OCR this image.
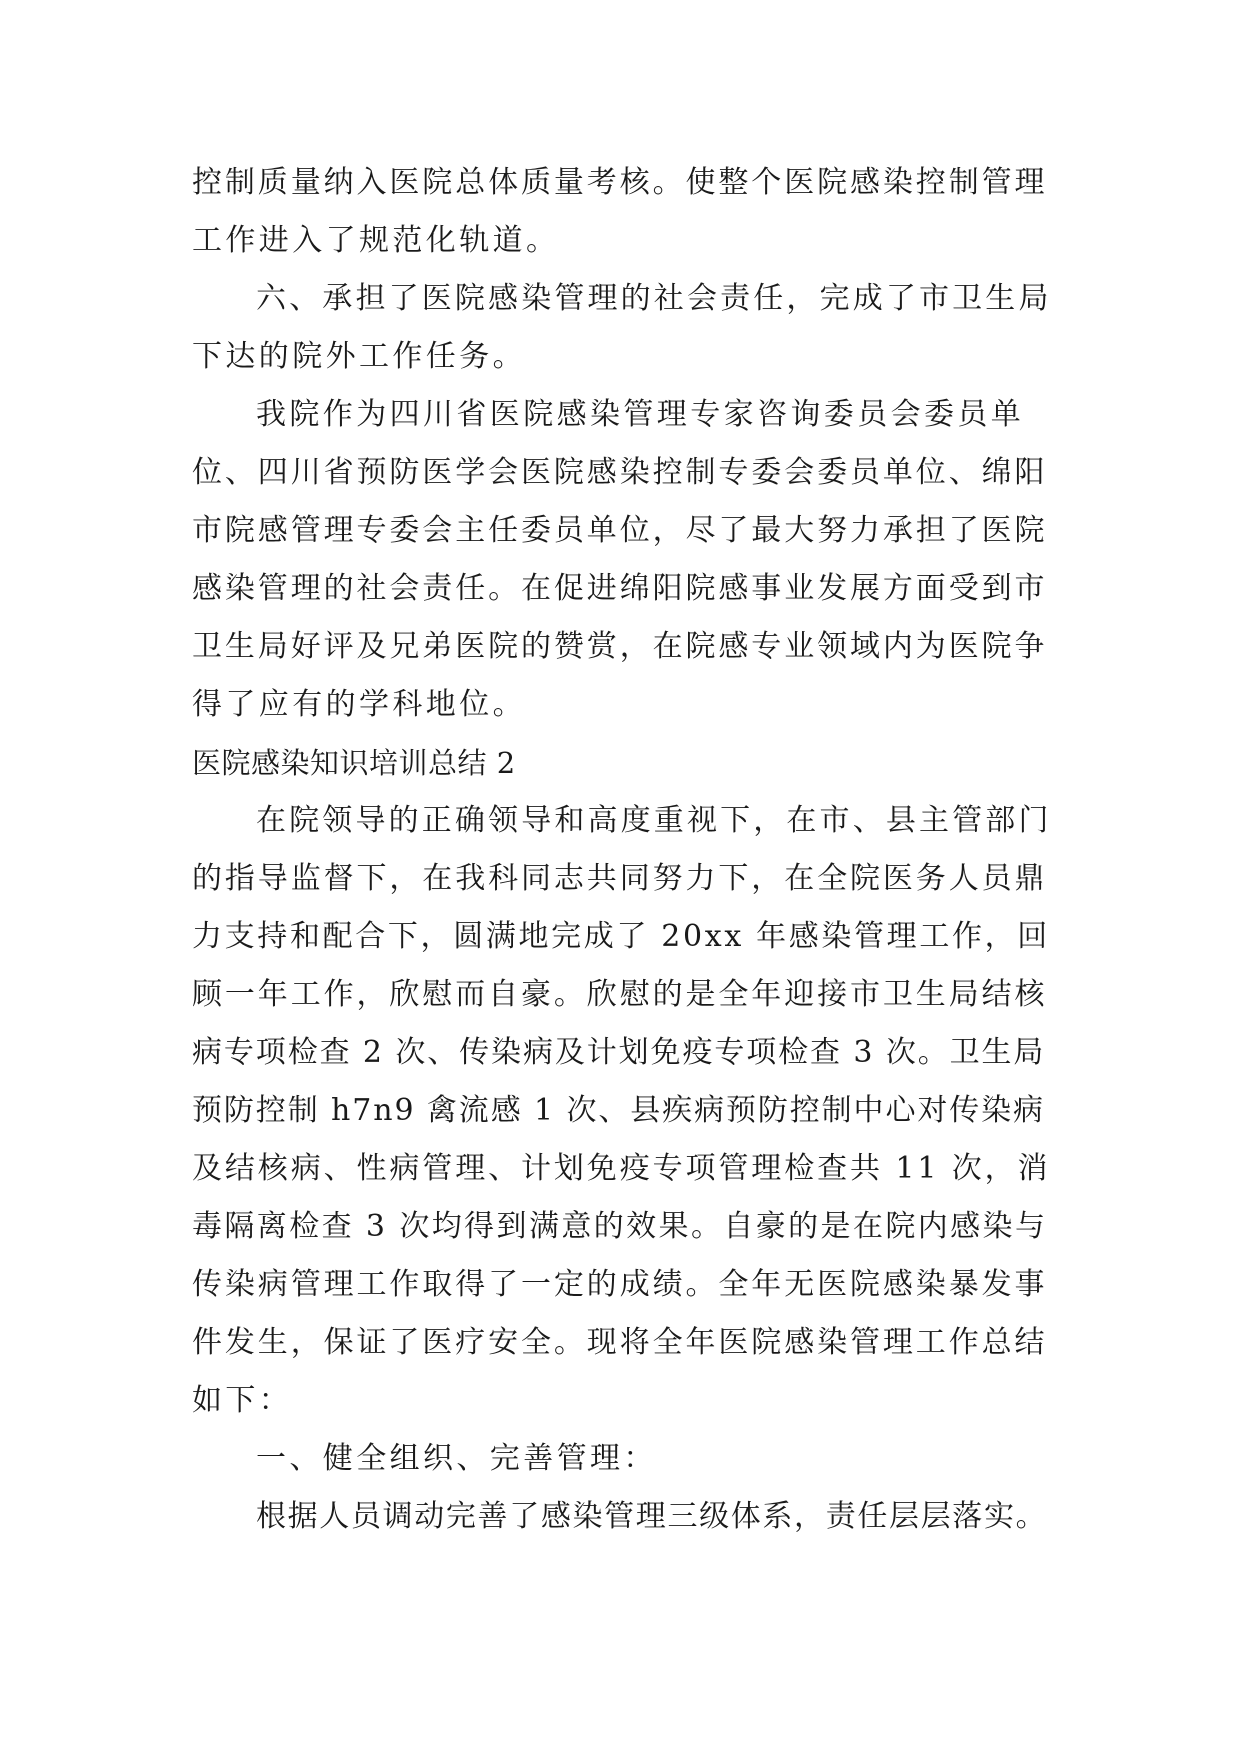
控制质量纳入医院总体质量考核。使整个医院感染控制管理
工作进入了规范化轨道。
六、承担了医院感染管理的社会责任，完成了市卫生局
下达的院外工作任务。
我院作为四川省医院感染管理专家咨询委员会委员单
位、四川省预防医学会医院感染控制专委会委员单位、绵阳
市院感管理专委会主任委员单位，尽了最大努力承担了医院
感染管理的社会责任。在促进绵阳院感事业发展方面受到市
卫生局好评及兄弟医院的赞赏，在院感专业领域内为医院争
得了应有的学科地位。
医院感染知识培训总结 2
在院领导的正确领导和高度重视下，在市、县主管部门
的指导监督下，在我科同志共同努力下，在全院医务人员鼎
力支持和配合下，圆满地完成了 20xx 年感染管理工作，回
顾一年工作，欣慰而自豪。欣慰的是全年迎接市卫生局结核
病专项检查 2 次、传染病及计划免疫专项检查 3 次。卫生局
预防控制 h7n9 禽流感 1 次、县疾病预防控制中心对传染病
及结核病、性病管理、计划免疫专项管理检查共 11 次，消
毒隔离检查 3 次均得到满意的效果。自豪的是在院内感染与
传染病管理工作取得了一定的成绩。全年无医院感染暴发事
件发生，保证了医疗安全。现将全年医院感染管理工作总结
如下：
一、健全组织、完善管理：
根据人员调动完善了感染管理三级体系，责任层层落实。
